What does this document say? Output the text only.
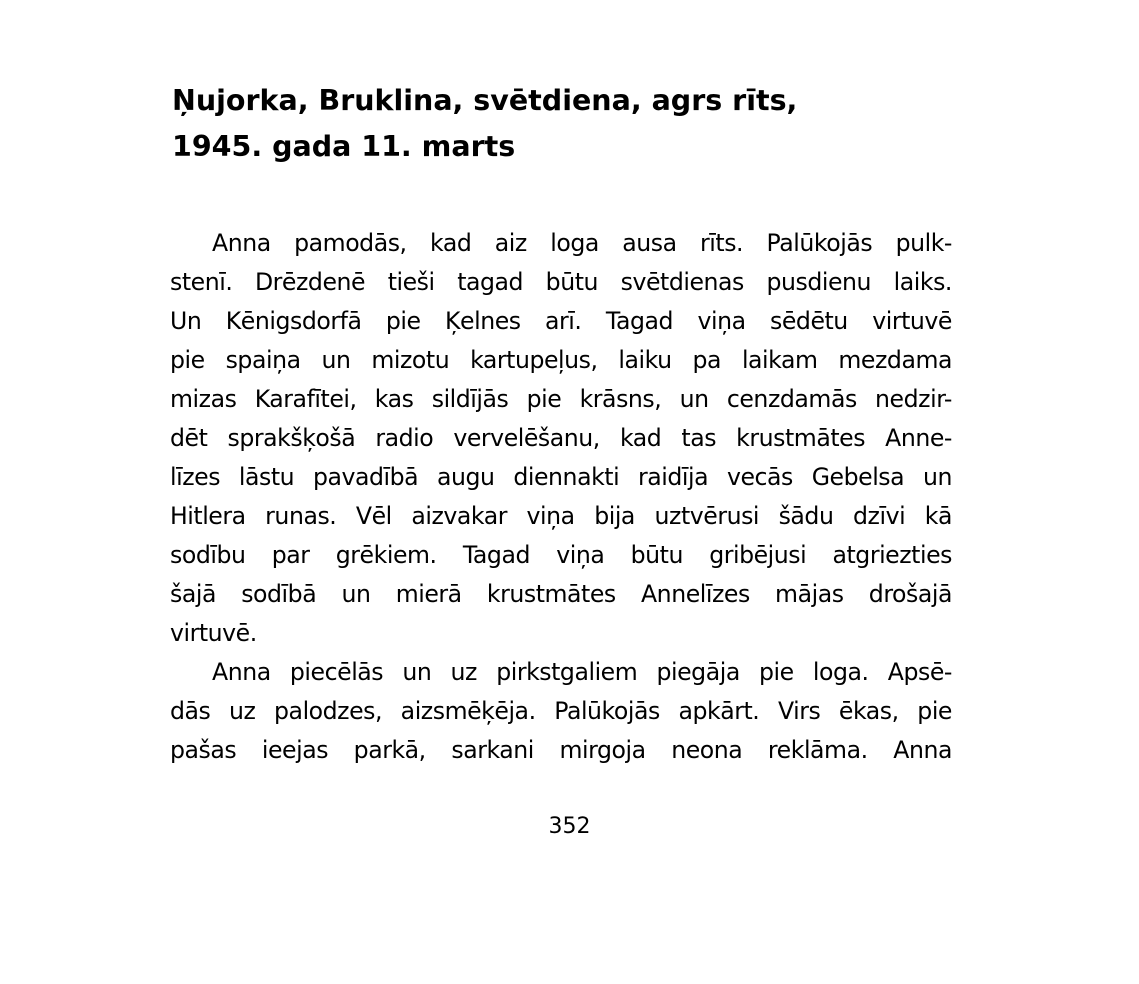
Ņujorka, Bruklina, svētdiena, agrs rīts,
1945. gada 11. marts
Anna pamodās, kad aiz loga ausa rīts. Palūkojās pulk-
stenī. Drēzdenē tieši tagad būtu svētdienas pusdienu laiks.
Un Kēnigsdorfā pie Ķelnes arī. Tagad viņa sēdētu virtuvē
pie spaiņa un mizotu kartupeļus, laiku pa laikam mezdama
mizas Karafītei, kas sildījās pie krāsns, un cenzdamās nedzir-
dēt sprakšķošā radio vervelēšanu, kad tas krustmātes Anne-
līzes lāstu pavadībā augu diennakti raidīja vecās Gebelsa un
Hitlera runas. Vēl aizvakar viņa bija uztvērusi šādu dzīvi kā
sodību par grēkiem. Tagad viņa būtu gribējusi atgriezties
šajā sodībā un mierā krustmātes Annelīzes mājas drošajā
virtuvē.
Anna piecēlās un uz pirkstgaliem piegāja pie loga. Apsē-
dās uz palodzes, aizsmēķēja. Palūkojās apkārt. Virs ēkas, pie
pašas ieejas parkā, sarkani mirgoja neona reklāma. Anna
352
